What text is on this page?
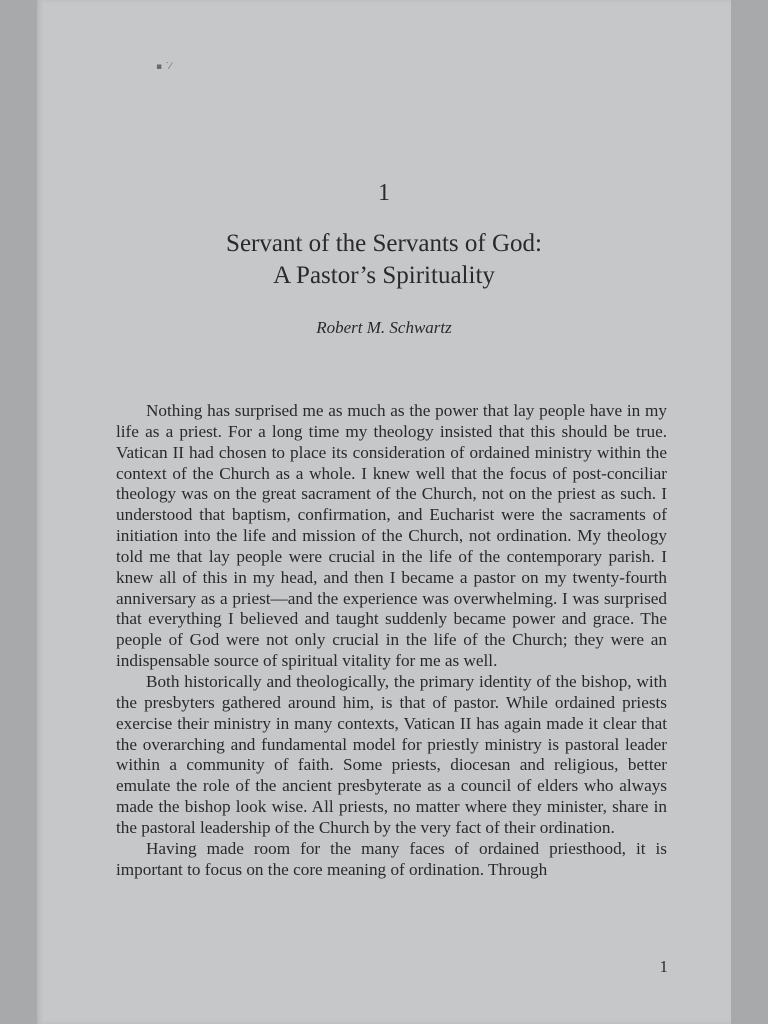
▪ ˙⁄
1
Servant of the Servants of God:
A Pastor’s Spirituality
Robert M. Schwartz

Nothing has surprised me as much as the power that lay people have in my life as a priest. For a long time my theology insisted that this should be true. Vatican II had chosen to place its consideration of ordained ministry within the context of the Church as a whole. I knew well that the focus of post-conciliar theology was on the great sacrament of the Church, not on the priest as such. I understood that baptism, confirmation, and Eucharist were the sacraments of initiation into the life and mission of the Church, not ordination. My theology told me that lay people were crucial in the life of the contemporary parish. I knew all of this in my head, and then I became a pastor on my twenty-fourth anniversary as a priest—and the experience was overwhelming. I was surprised that everything I believed and taught suddenly became power and grace. The people of God were not only crucial in the life of the Church; they were an indispensable source of spiritual vitality for me as well.

Both historically and theologically, the primary identity of the bishop, with the presbyters gathered around him, is that of pastor. While ordained priests exercise their ministry in many contexts, Vatican II has again made it clear that the overarching and fundamental model for priestly ministry is pastoral leader within a community of faith. Some priests, diocesan and religious, better emulate the role of the ancient presbyterate as a council of elders who always made the bishop look wise. All priests, no matter where they minister, share in the pastoral leadership of the Church by the very fact of their ordination.

Having made room for the many faces of ordained priesthood, it is important to focus on the core meaning of ordination. Through

1
